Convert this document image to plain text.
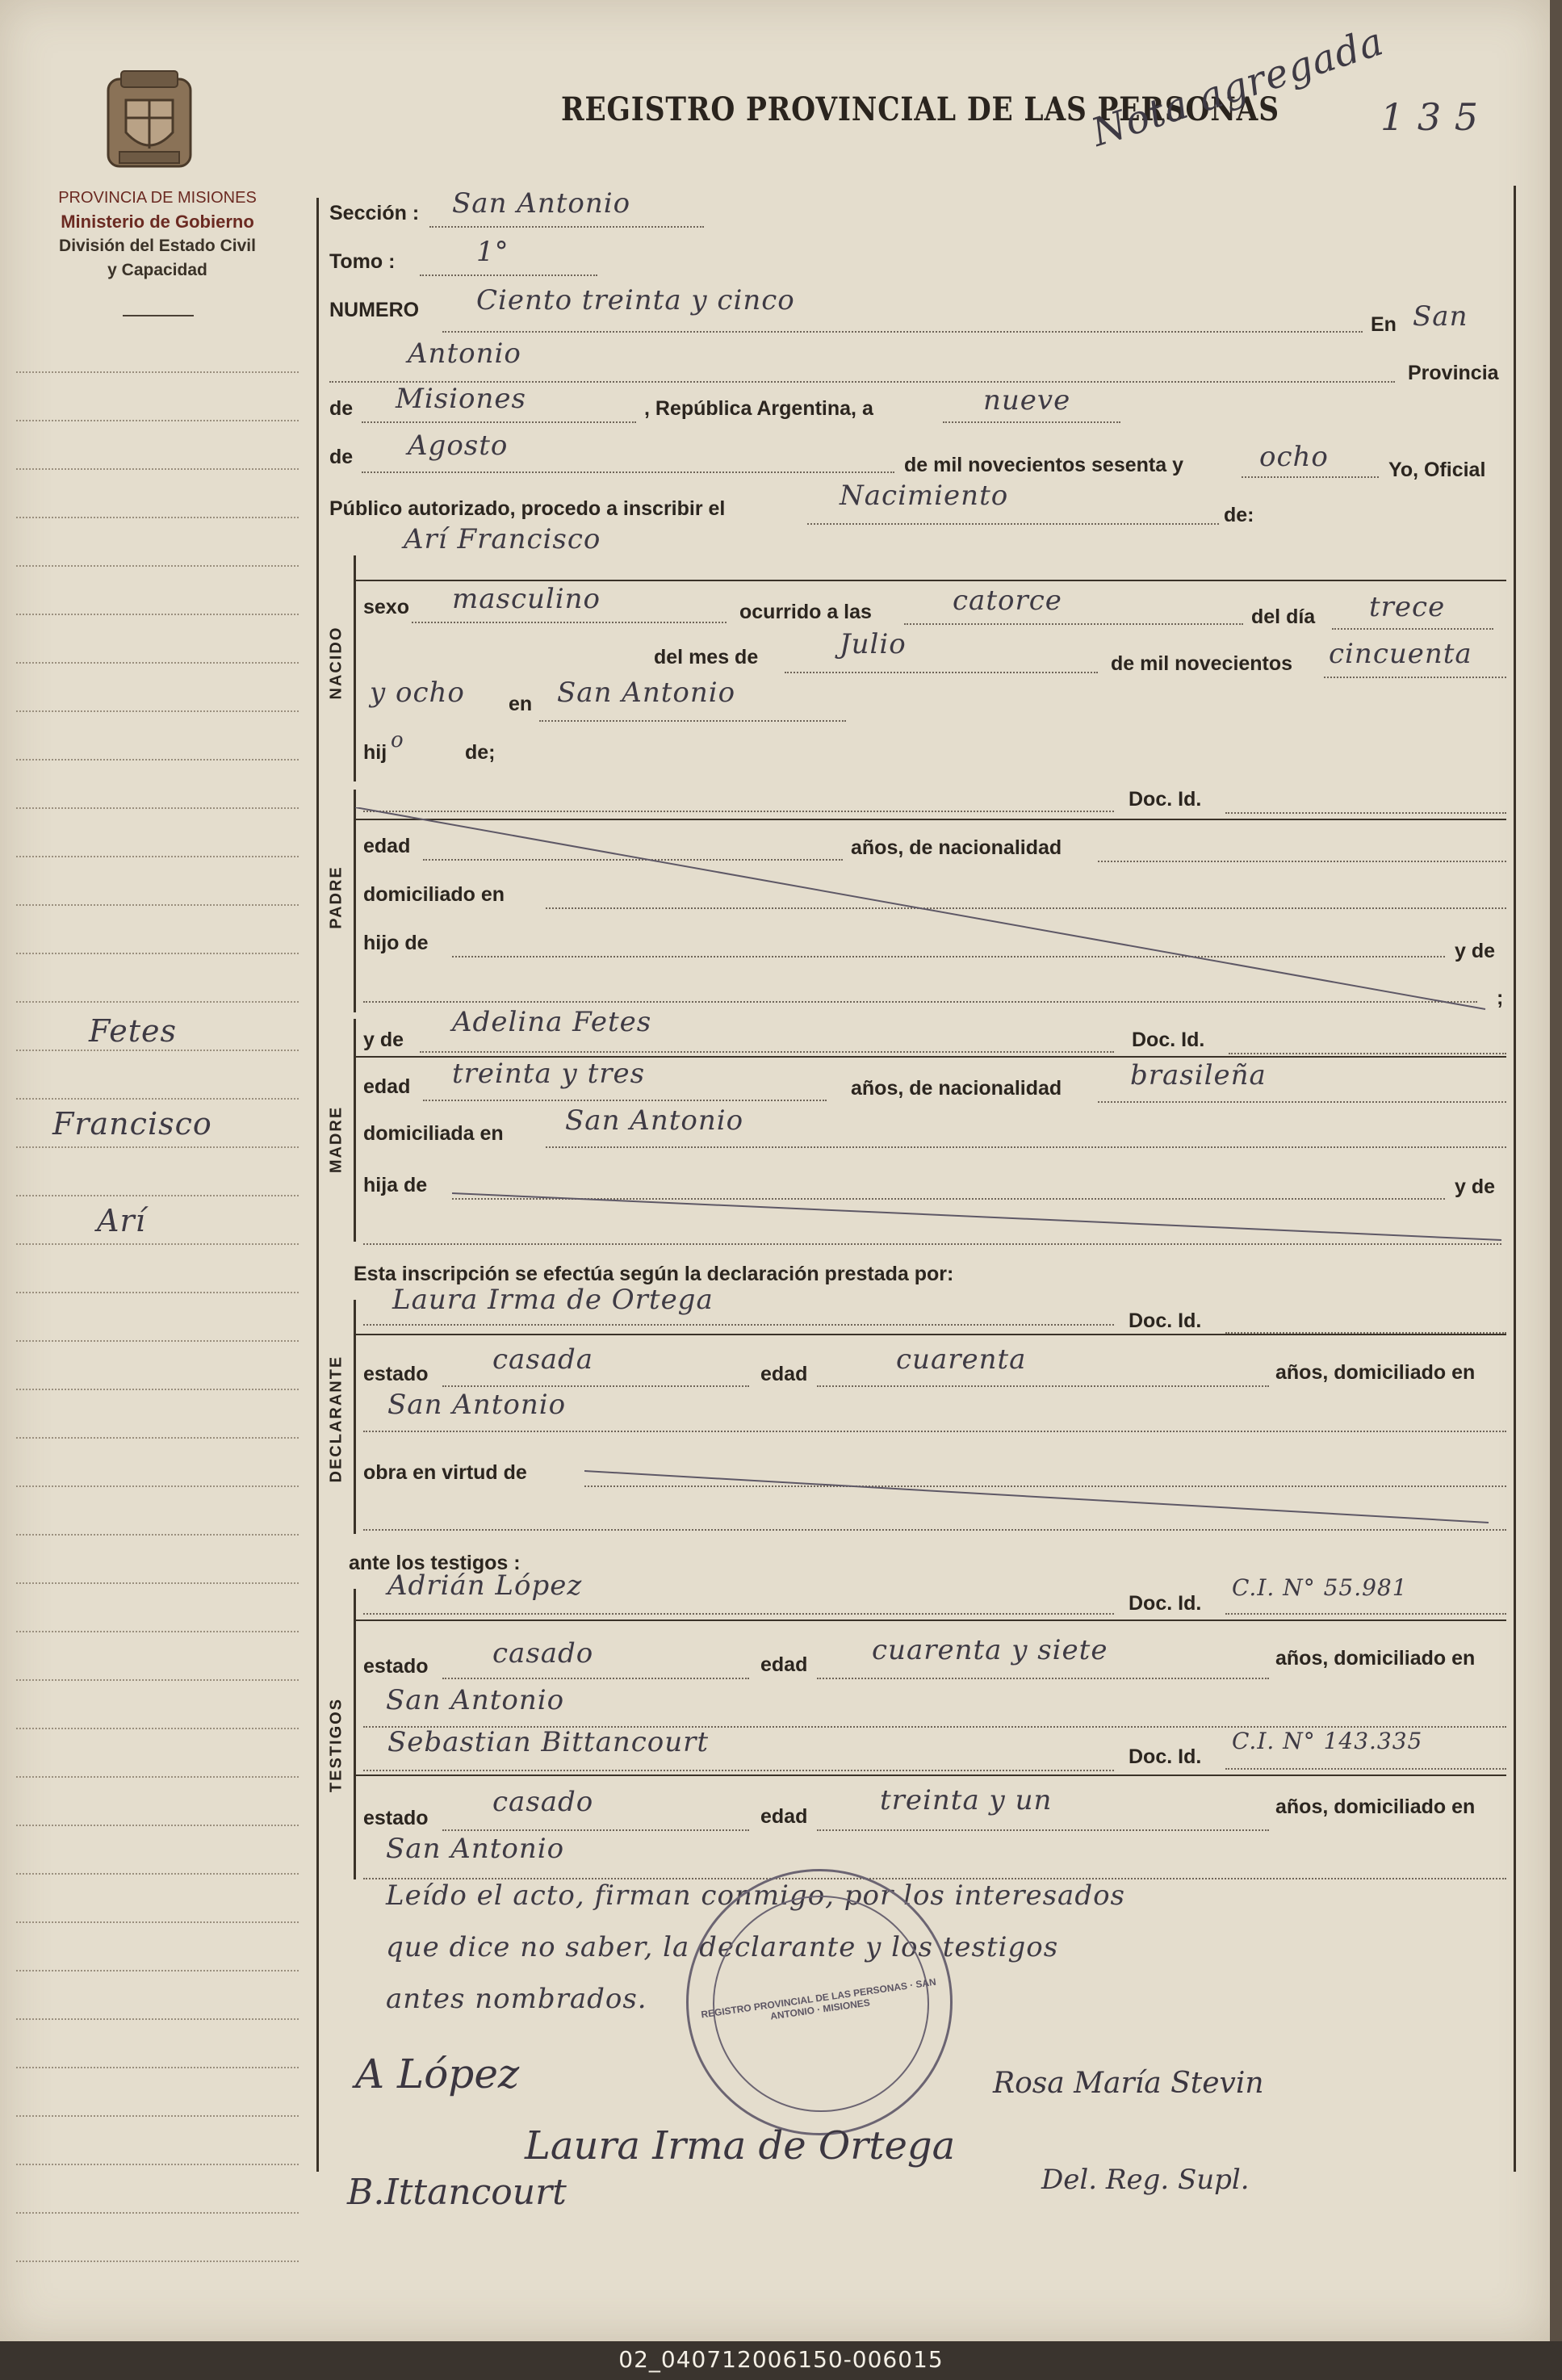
PROVINCIA DE MISIONES
Ministerio de Gobierno
División del Estado Civil
y Capacidad
Fetes
Francisco
Arí
REGISTRO PROVINCIAL DE LAS PERSONAS
Nota agregada
1 3 5
Sección : San Antonio
Tomo :	1°
NUMERO Ciento treinta y cinco
En San
Antonio
Provincia
de Misiones	, República Argentina, a	nueve
de Agosto
de mil novecientos sesenta y	ocho	Yo, Oficial
Público autorizado, procedo a inscribir el	Nacimiento
de:
Arí Francisco
NACIDO
sexo masculino	ocurrido a las	catorce	del día trece
del mes de	Julio
de mil novecientos cincuenta
y ocho en San Antonio
hij o	de;
Doc. Id.
PADRE
edad	años, de nacionalidad
domiciliado en
hijo de	y de
;
y de
Adelina Fetes
Doc. Id.
MADRE
edad treinta y tres	años, de nacionalidad brasileña
domiciliada en San Antonio
hija de	y de
Esta inscripción se efectúa según la declaración prestada por:
Laura Irma de Ortega
Doc. Id.
DECLARANTE estado casada	edad	cuarenta	años, domiciliado en
San Antonio
obra en virtud de
ante los testigos :
Adrián López
Doc. Id.
C.I. N° 55.981
TESTIGOS
estado casado	edad cuarenta y siete	años, domiciliado en
San Antonio
Sebastian Bittancourt	Doc. Id.
C.I. N° 143.335
estado casado	edad	treinta y un	años, domiciliado en
San Antonio
Leído el acto, firman conmigo, por los interesados
que dice no saber, la declarante y los testigos
antes nombrados.	REGISTRO PROVINCIAL DE LAS PERSONAS · SAN ANTONIO · MISIONES
A López
Laura Irma de Ortega
B.Ittancourt
Rosa María Stevin
Del. Reg. Supl.
02_040712006150-006015
